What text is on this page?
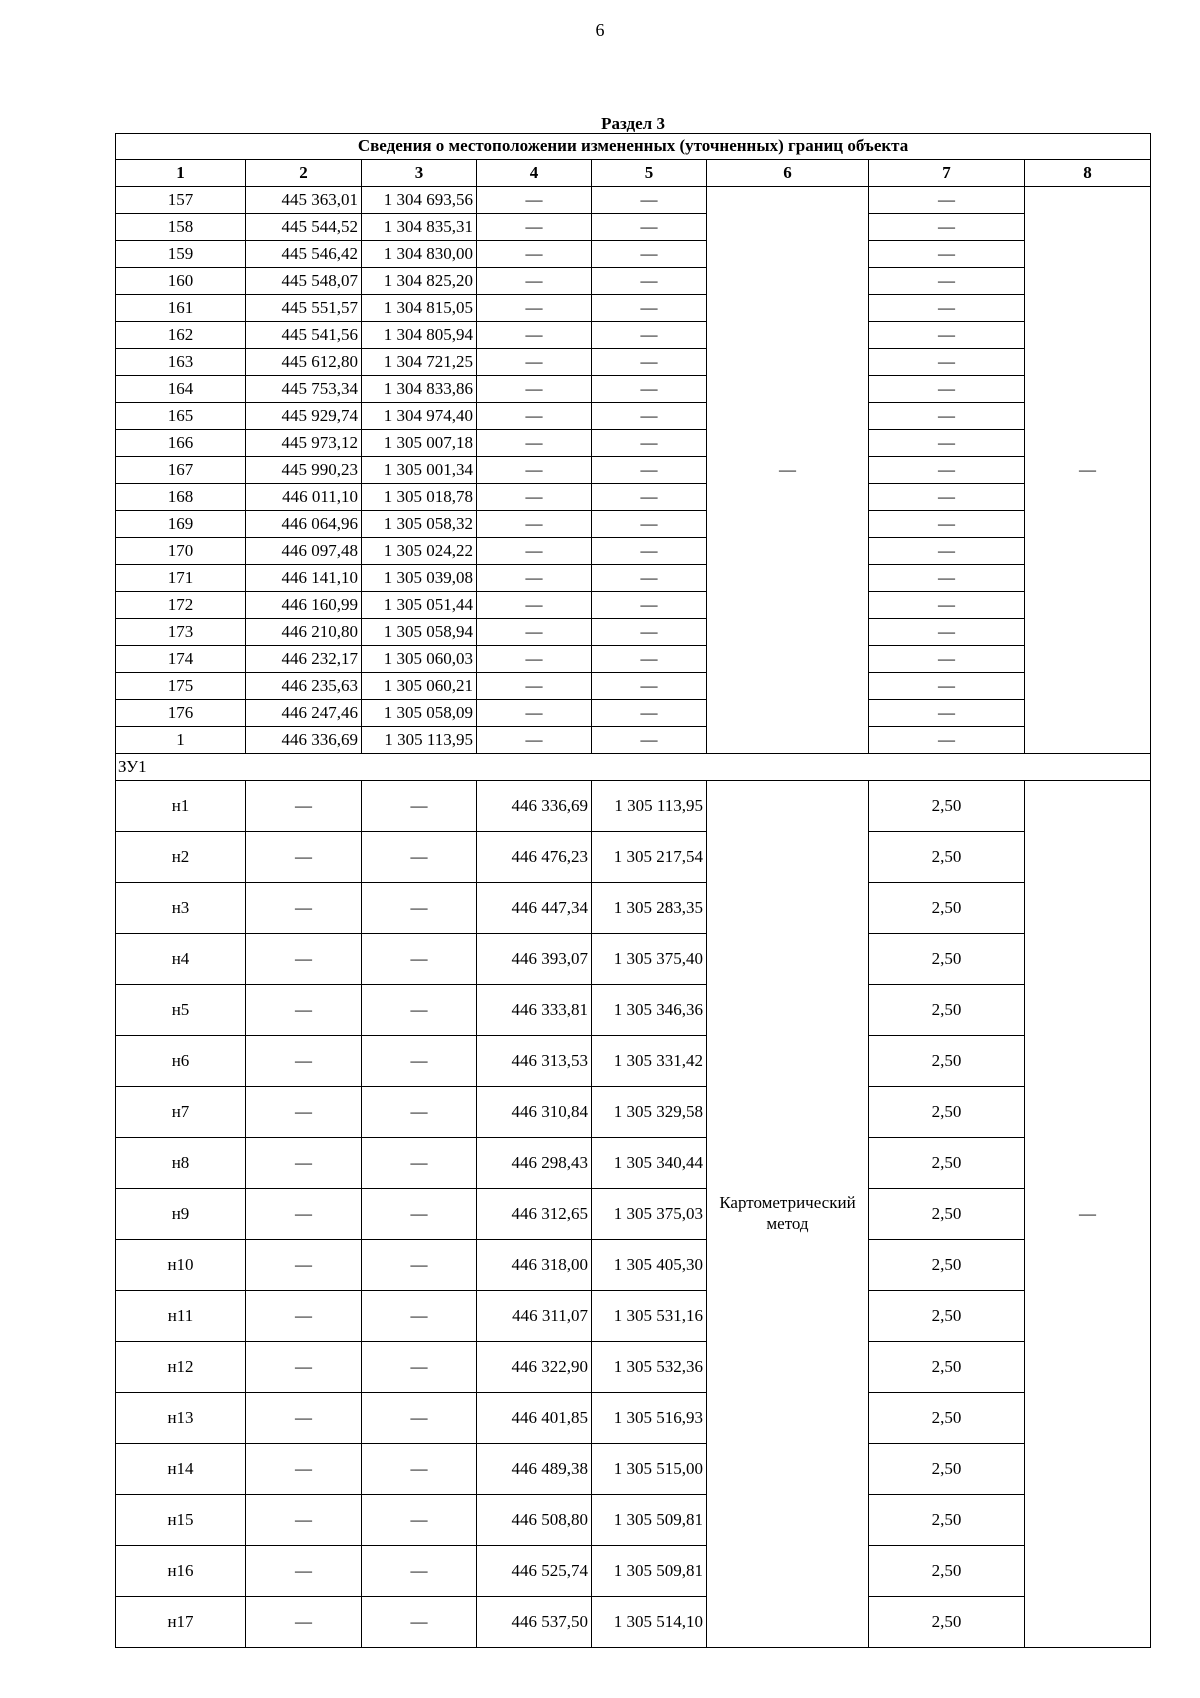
6
Раздел 3							

Сведения о местоположении измененных (уточненных) границ объекта							
1	2	3	4	5	6	7	8
157	445 363,01	1 304 693,56	—	—	—	—	—
158	445 544,52	1 304 835,31	—	—		—	
159	445 546,42	1 304 830,00	—	—		—	
160	445 548,07	1 304 825,20	—	—		—	
161	445 551,57	1 304 815,05	—	—		—	
162	445 541,56	1 304 805,94	—	—		—	
163	445 612,80	1 304 721,25	—	—		—	
164	445 753,34	1 304 833,86	—	—		—	
165	445 929,74	1 304 974,40	—	—		—	
166	445 973,12	1 305 007,18	—	—		—	
167	445 990,23	1 305 001,34	—	—		—	
168	446 011,10	1 305 018,78	—	—		—	
169	446 064,96	1 305 058,32	—	—		—	
170	446 097,48	1 305 024,22	—	—		—	
171	446 141,10	1 305 039,08	—	—		—	
172	446 160,99	1 305 051,44	—	—		—	
173	446 210,80	1 305 058,94	—	—		—	
174	446 232,17	1 305 060,03	—	—		—	
175	446 235,63	1 305 060,21	—	—		—	
176	446 247,46	1 305 058,09	—	—		—	
1	446 336,69	1 305 113,95	—	—		—	
ЗУ1							
н1	—	—	446 336,69	1 305 113,95	Картометрический метод	2,50	—
н2	—	—	446 476,23	1 305 217,54		2,50	
н3	—	—	446 447,34	1 305 283,35		2,50	
н4	—	—	446 393,07	1 305 375,40		2,50	
н5	—	—	446 333,81	1 305 346,36		2,50	
н6	—	—	446 313,53	1 305 331,42		2,50	
н7	—	—	446 310,84	1 305 329,58		2,50	
н8	—	—	446 298,43	1 305 340,44		2,50	
н9	—	—	446 312,65	1 305 375,03		2,50	
н10	—	—	446 318,00	1 305 405,30		2,50	
н11	—	—	446 311,07	1 305 531,16		2,50	
н12	—	—	446 322,90	1 305 532,36		2,50	
н13	—	—	446 401,85	1 305 516,93		2,50	
н14	—	—	446 489,38	1 305 515,00		2,50	
н15	—	—	446 508,80	1 305 509,81		2,50	
н16	—	—	446 525,74	1 305 509,81		2,50	
н17	—	—	446 537,50	1 305 514,10		2,50	
